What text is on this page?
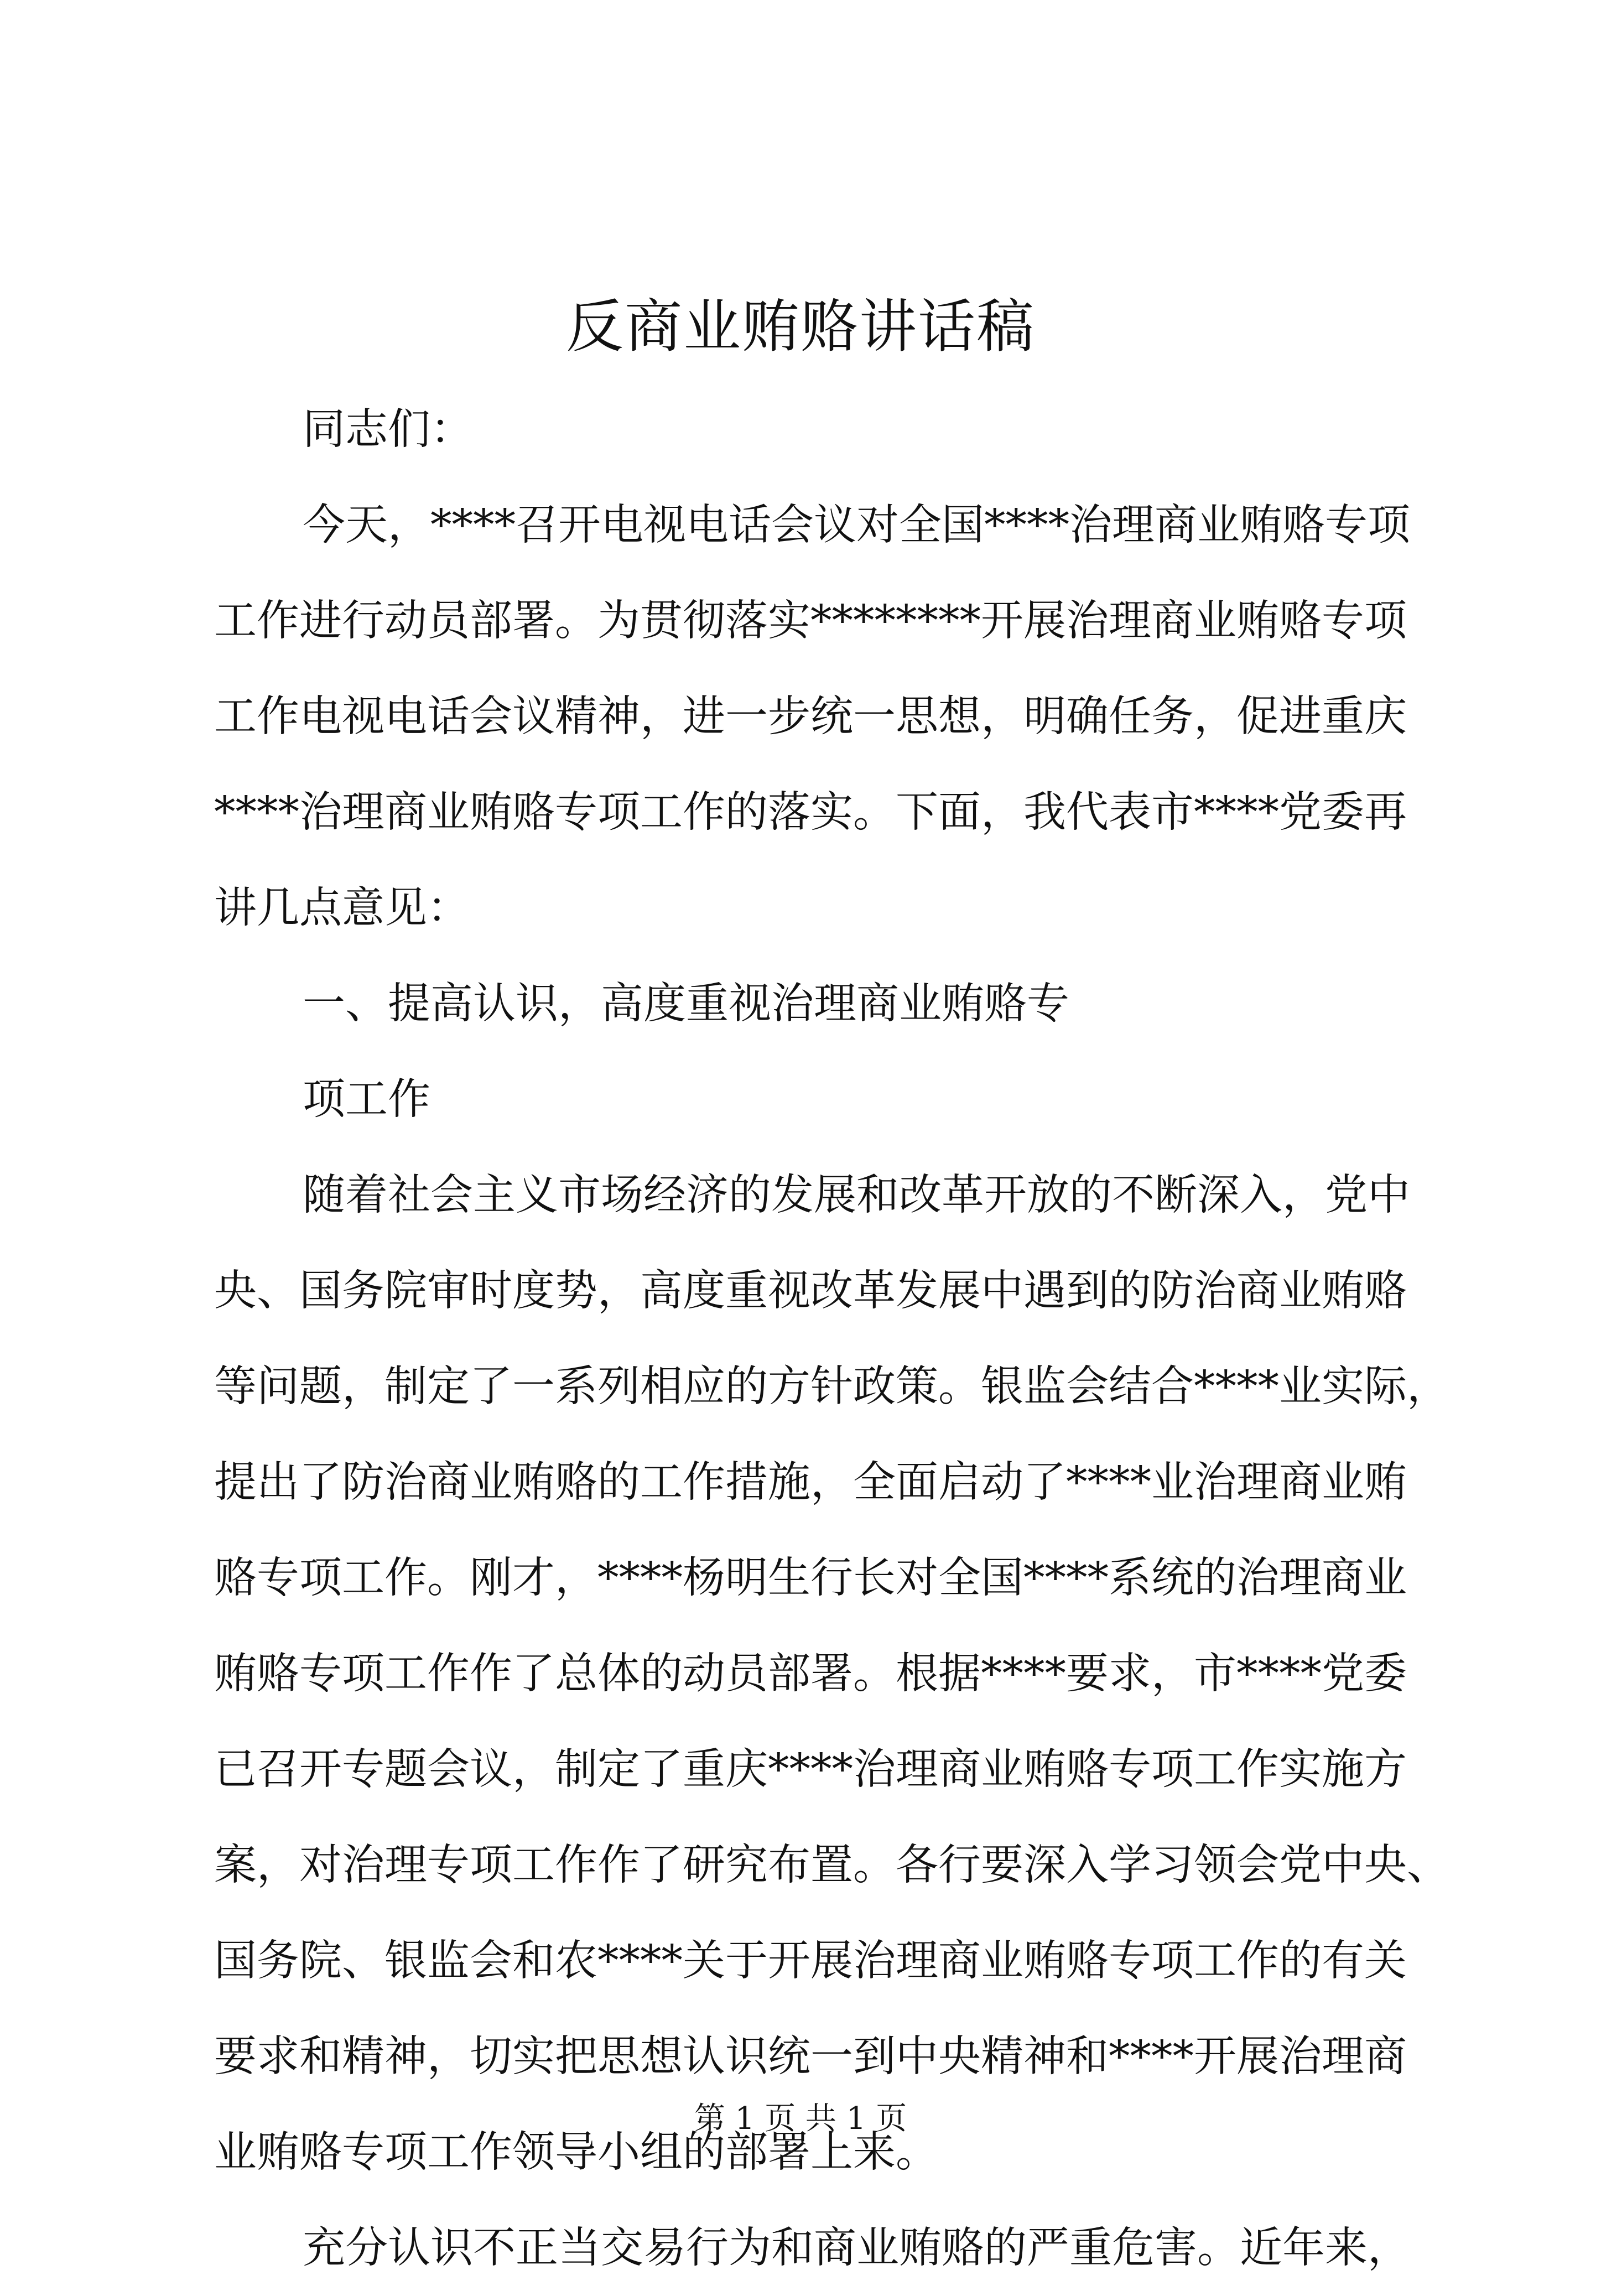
反商业贿赂讲话稿
同志们：
今天，****召开电视电话会议对全国****治理商业贿赂专项
工作进行动员部署。为贯彻落实********开展治理商业贿赂专项
工作电视电话会议精神，进一步统一思想，明确任务，促进重庆
****治理商业贿赂专项工作的落实。下面，我代表市****党委再
讲几点意见：
一、提高认识，高度重视治理商业贿赂专
项工作
随着社会主义市场经济的发展和改革开放的不断深入，党中
央、国务院审时度势，高度重视改革发展中遇到的防治商业贿赂
等问题，制定了一系列相应的方针政策。银监会结合****业实际，
提出了防治商业贿赂的工作措施，全面启动了****业治理商业贿
赂专项工作。刚才，****杨明生行长对全国****系统的治理商业
贿赂专项工作作了总体的动员部署。根据****要求，市****党委
已召开专题会议，制定了重庆****治理商业贿赂专项工作实施方
案，对治理专项工作作了研究布置。各行要深入学习领会党中央、
国务院、银监会和农****关于开展治理商业贿赂专项工作的有关
要求和精神，切实把思想认识统一到中央精神和****开展治理商
业贿赂专项工作领导小组的部署上来。
充分认识不正当交易行为和商业贿赂的严重危害。近年来，
第 1 页 共 1 页
